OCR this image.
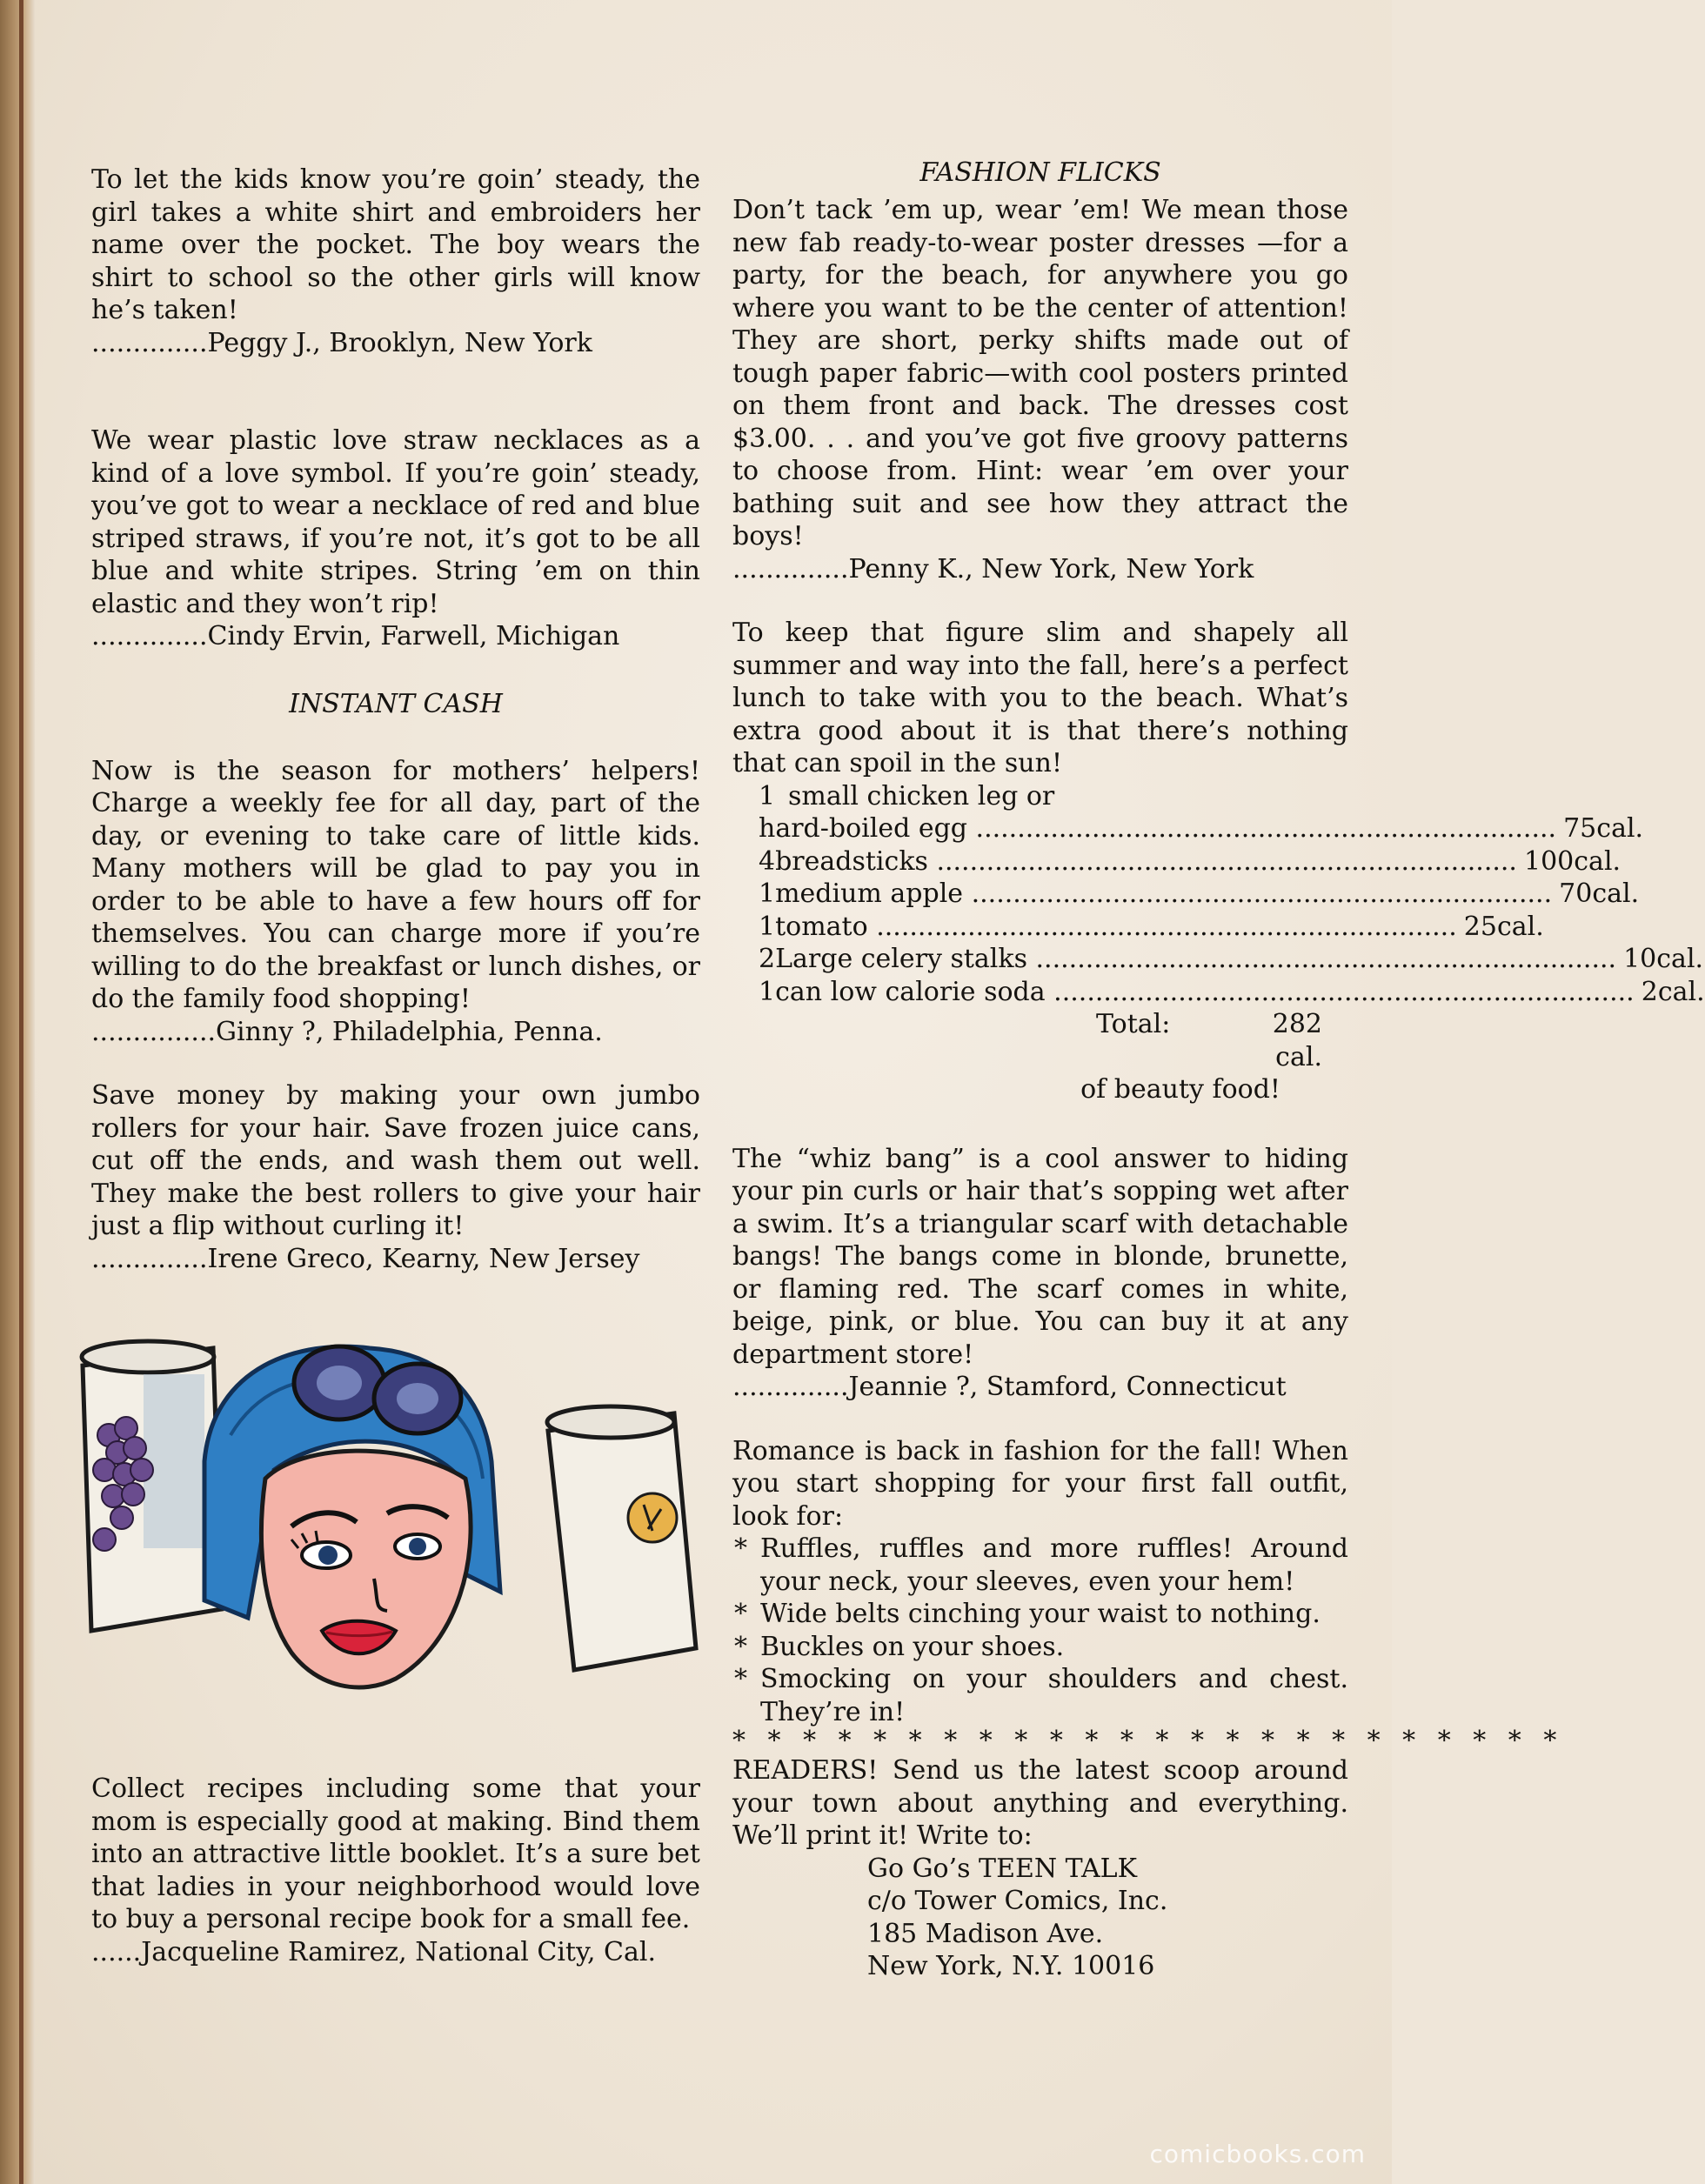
To let the kids know you’re goin’ steady, the girl takes a white shirt and embroiders her name over the pocket. The boy wears the shirt to school so the other girls will know he’s taken!

..............Peggy J., Brooklyn, New York

We wear plastic love straw necklaces as a kind of a love symbol. If you’re goin’ steady, you’ve got to wear a necklace of red and blue striped straws, if you’re not, it’s got to be all blue and white stripes. String ’em on thin elastic and they won’t rip!

..............Cindy Ervin, Farwell, Michigan

INSTANT CASH

Now is the season for mothers’ helpers! Charge a weekly fee for all day, part of the day, or evening to take care of little kids. Many mothers will be glad to pay you in order to be able to have a few hours off for themselves. You can charge more if you’re willing to do the breakfast or lunch dishes, or do the family food shopping!

...............Ginny ?, Philadelphia, Penna.

Save money by making your own jumbo rollers for your hair. Save frozen juice cans, cut off the ends, and wash them out well. They make the best rollers to give your hair just a flip without curling it!

..............Irene Greco, Kearny, New Jersey

Collect recipes including some that your mom is especially good at making. Bind them into an attractive little booklet. It’s a sure bet that ladies in your neighborhood would love to buy a personal recipe book for a small fee.

......Jacqueline Ramirez, National City, Cal.

FASHION FLICKS

Don’t tack ’em up, wear ’em! We mean those new fab ready-to-wear poster dresses —for a party, for the beach, for anywhere you go where you want to be the center of attention! They are short, perky shifts made out of tough paper fabric—with cool posters printed on them front and back. The dresses cost $3.00. . . and you’ve got five groovy patterns to choose from. Hint: wear ’em over your bathing suit and see how they attract the boys!

..............Penny K., New York, New York

To keep that figure slim and shapely all summer and way into the fall, here’s a perfect lunch to take with you to the beach. What’s extra good about it is that there’s nothing that can spoil in the sun!

1 small chicken leg or
hard-boiled egg .....	75 cal.
4 breadsticks .....	100 cal.
1 medium apple .....	70 cal.
1 tomato .....	25 cal.
2 Large celery stalks .....	10 cal.
1 can low calorie soda .....	2 cal.
Total:	282 cal.
of beauty food!

The “whiz bang” is a cool answer to hiding your pin curls or hair that’s sopping wet after a swim. It’s a triangular scarf with detachable bangs! The bangs come in blonde, brunette, or flaming red. The scarf comes in white, beige, pink, or blue. You can buy it at any department store!

..............Jeannie ?, Stamford, Connecticut

Romance is back in fashion for the fall! When you start shopping for your first fall outfit, look for:

* Ruffles, ruffles and more ruffles! Around your neck, your sleeves, even your hem!
* Wide belts cinching your waist to nothing.
* Buckles on your shoes.
* Smocking on your shoulders and chest. They’re in!
* * * * * * * * * * * * * * * * * * * * * * * *

READERS! Send us the latest scoop around your town about anything and everything. We’ll print it! Write to:

Go Go’s TEEN TALK
c/o Tower Comics, Inc.
185 Madison Ave.
New York, N.Y. 10016
comicbooks.com
